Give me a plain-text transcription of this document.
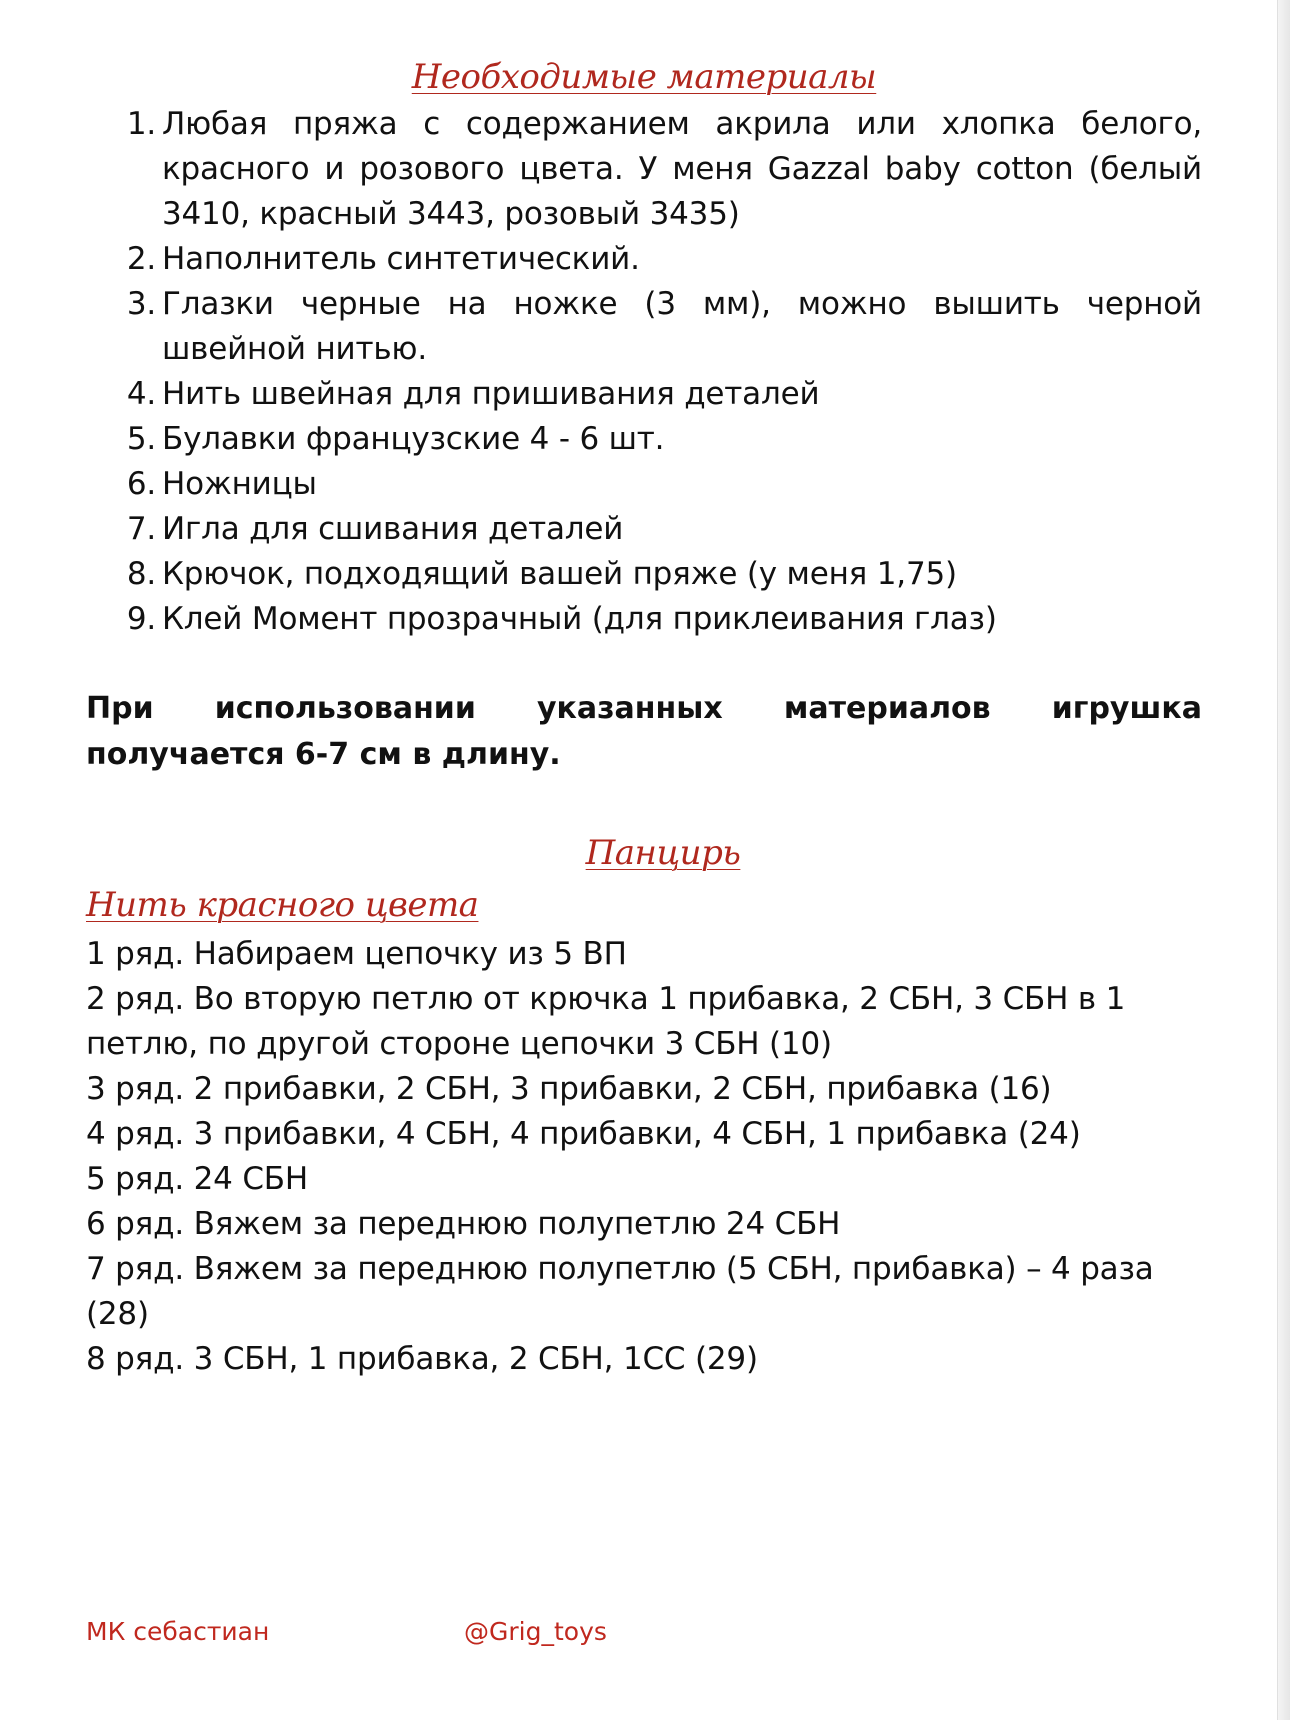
Необходимые материалы
1. Любая пряжа с содержанием акрила или хлопка белого, красного и розового цвета. У меня Gazzal baby cotton (белый 3410, красный 3443, розовый 3435)
2. Наполнитель синтетический.
3. Глазки черные на ножке (3 мм), можно вышить черной швейной нитью.
4. Нить швейная для пришивания деталей
5. Булавки французские 4 - 6 шт.
6. Ножницы
7. Игла для сшивания деталей
8. Крючок, подходящий вашей пряже (у меня 1,75)
9. Клей Момент прозрачный (для приклеивания глаз)
При использовании указанных материалов игрушка
получается 6-7 см в длину.
Панцирь
Нить красного цвета

1 ряд. Набираем цепочку из 5 ВП

2 ряд. Во вторую петлю от крючка 1 прибавка, 2 СБН, 3 СБН в 1 петлю, по другой стороне цепочки 3 СБН (10)

3 ряд. 2 прибавки, 2 СБН, 3 прибавки, 2 СБН, прибавка (16)

4 ряд. 3 прибавки, 4 СБН, 4 прибавки, 4 СБН, 1 прибавка (24)

5 ряд. 24 СБН

6 ряд. Вяжем за переднюю полупетлю 24 СБН

7 ряд. Вяжем за переднюю полупетлю (5 СБН, прибавка) – 4 раза (28)

8 ряд. 3 СБН, 1 прибавка, 2 СБН, 1СС (29)

МК себастиан	@Grig_toys
